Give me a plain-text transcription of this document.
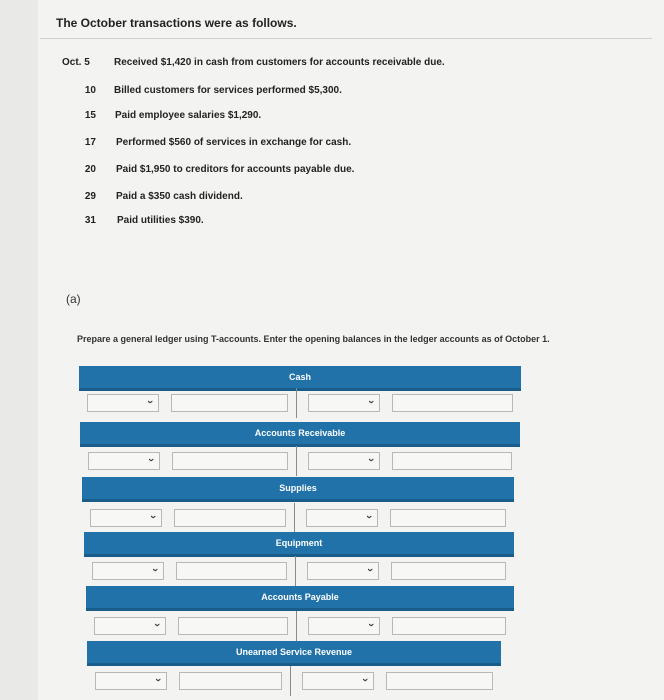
The October transactions were as follows.
Oct. 5	Received $1,420 in cash from customers for accounts receivable due.
10 Billed customers for services performed $5,300.
15 Paid employee salaries $1,290.
17 Performed $560 of services in exchange for cash.
20 Paid $1,950 to creditors for accounts payable due.
29 Paid a $350 cash dividend.
31 Paid utilities $390.
(a)
Prepare a general ledger using T-accounts. Enter the opening balances in the ledger accounts as of October 1.
Cash
›	›
Accounts Receivable
›	›
Supplies
›	›
Equipment
›	›
Accounts Payable
›	›
Unearned Service Revenue
›	›
